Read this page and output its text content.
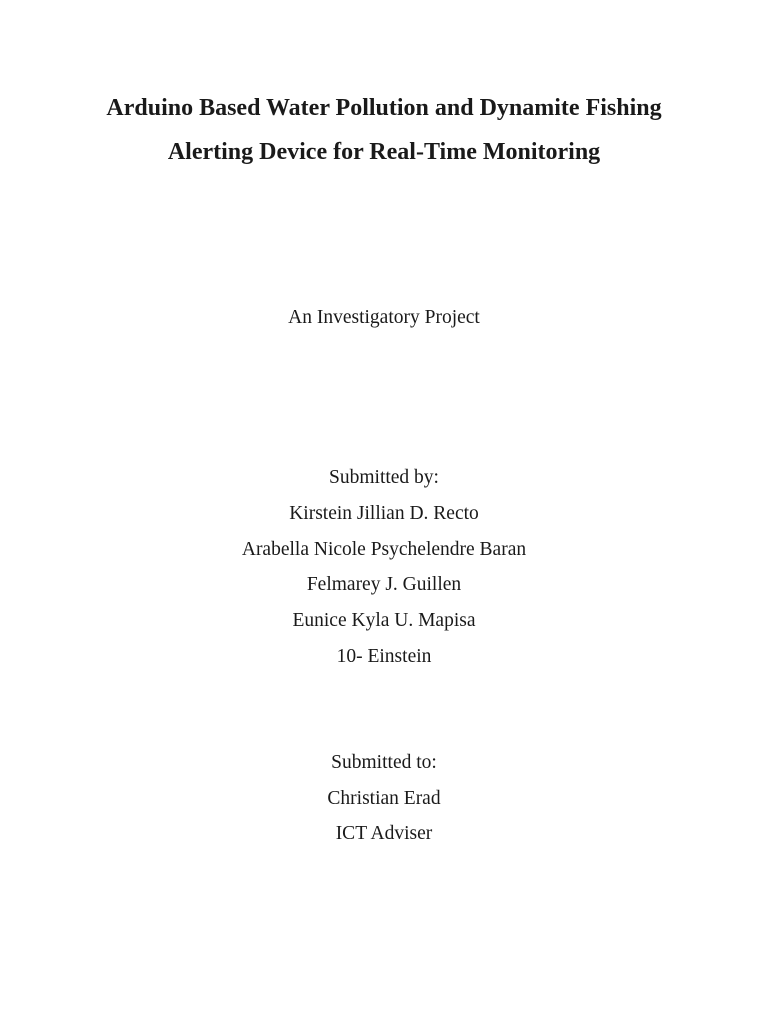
Arduino Based Water Pollution and Dynamite Fishing
Alerting Device for Real-Time Monitoring
An Investigatory Project
Submitted by:
Kirstein Jillian D. Recto
Arabella Nicole Psychelendre Baran
Felmarey J. Guillen
Eunice Kyla U. Mapisa
10- Einstein
Submitted to:
Christian Erad
ICT Adviser
